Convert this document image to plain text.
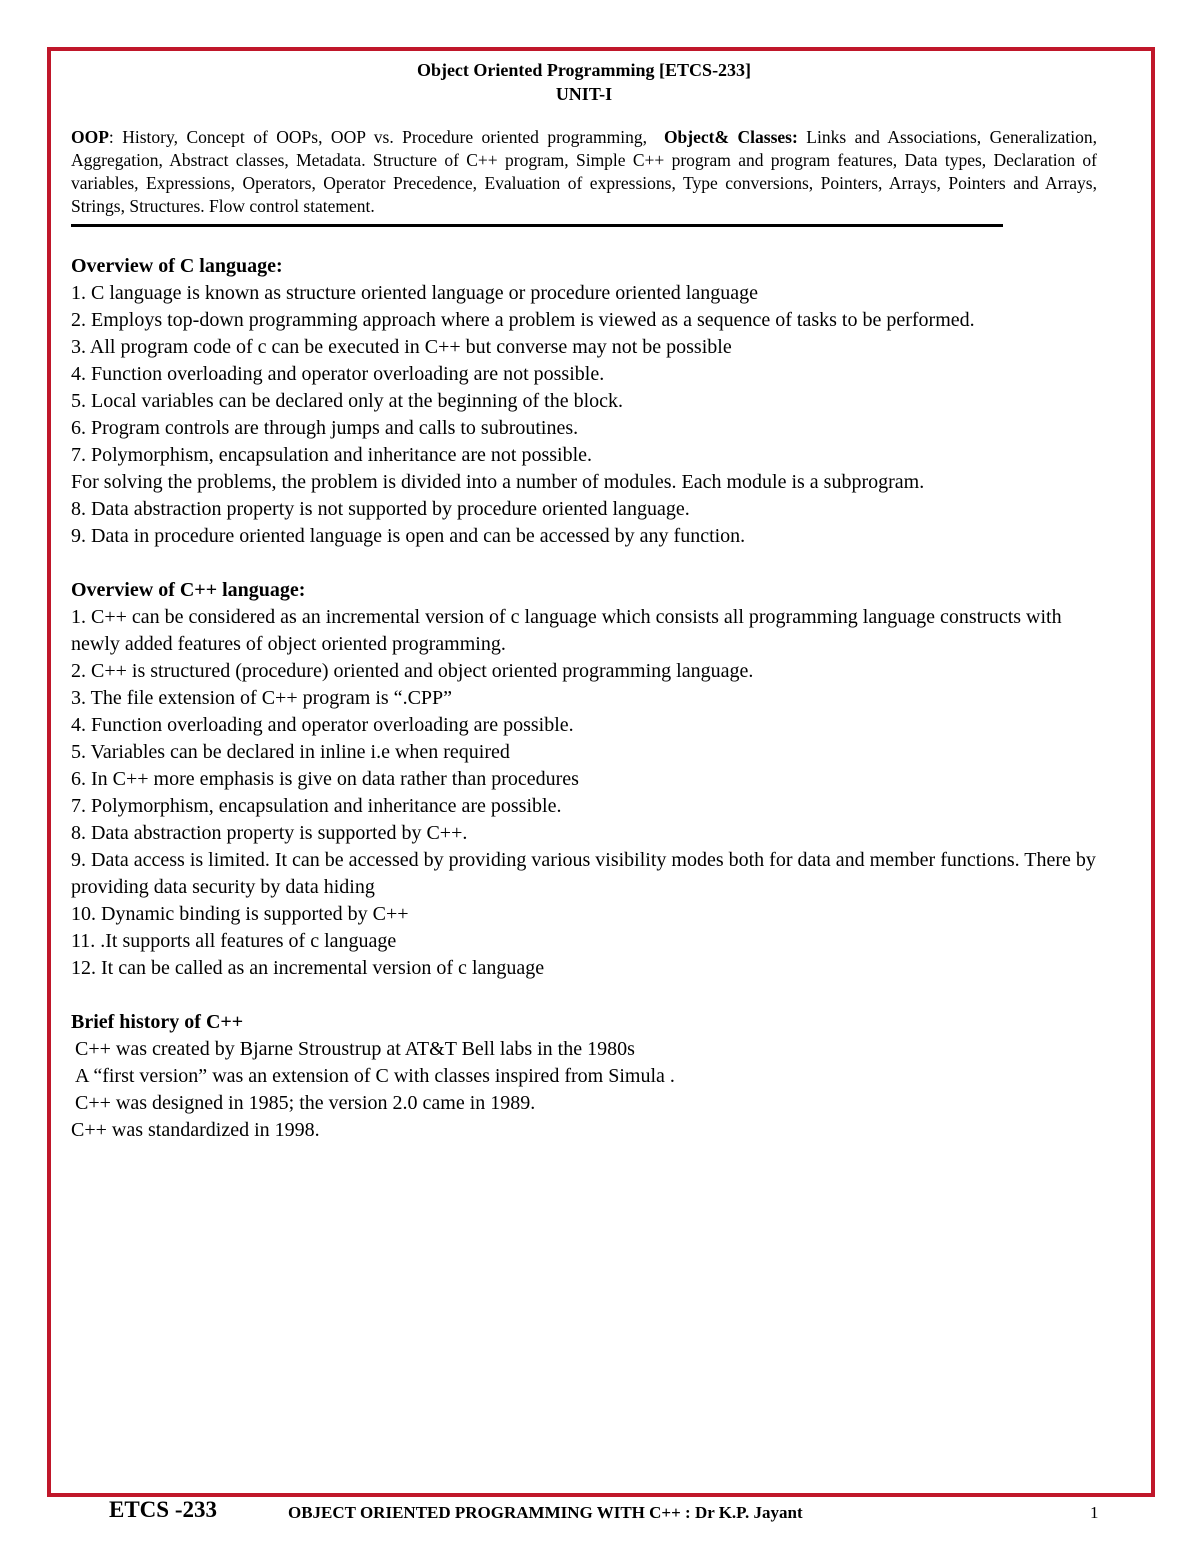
Object Oriented Programming [ETCS-233]
UNIT-I
OOP: History, Concept of OOPs, OOP vs. Procedure oriented programming, Object& Classes: Links and Associations, Generalization, Aggregation, Abstract classes, Metadata. Structure of C++ program, Simple C++ program and program features, Data types, Declaration of variables, Expressions, Operators, Operator Precedence, Evaluation of expressions, Type conversions, Pointers, Arrays, Pointers and Arrays, Strings, Structures. Flow control statement.
Overview of C language:
1. C language is known as structure oriented language or procedure oriented language
2. Employs top-down programming approach where a problem is viewed as a sequence of tasks to be performed.
3. All program code of c can be executed in C++ but converse may not be possible
4. Function overloading and operator overloading are not possible.
5. Local variables can be declared only at the beginning of the block.
6. Program controls are through jumps and calls to subroutines.
7. Polymorphism, encapsulation and inheritance are not possible.
For solving the problems, the problem is divided into a number of modules. Each module is a subprogram.
8. Data abstraction property is not supported by procedure oriented language.
9. Data in procedure oriented language is open and can be accessed by any function.
Overview of C++ language:
1. C++ can be considered as an incremental version of c language which consists all programming language constructs with newly added features of object oriented programming.
2. C++ is structured (procedure) oriented and object oriented programming language.
3. The file extension of C++ program is “.CPP”
4. Function overloading and operator overloading are possible.
5. Variables can be declared in inline i.e when required
6. In C++ more emphasis is give on data rather than procedures
7. Polymorphism, encapsulation and inheritance are possible.
8. Data abstraction property is supported by C++.
9. Data access is limited. It can be accessed by providing various visibility modes both for data and member functions. There by providing data security by data hiding
10. Dynamic binding is supported by C++
11. .It supports all features of c language
12. It can be called as an incremental version of c language
Brief history of C++
C++ was created by Bjarne Stroustrup at AT&T Bell labs in the 1980s
A “first version” was an extension of C with classes inspired from Simula .
C++ was designed in 1985; the version 2.0 came in 1989.
C++ was standardized in 1998.
ETCS -233	OBJECT ORIENTED PROGRAMMING WITH C++ : Dr K.P. Jayant	1
